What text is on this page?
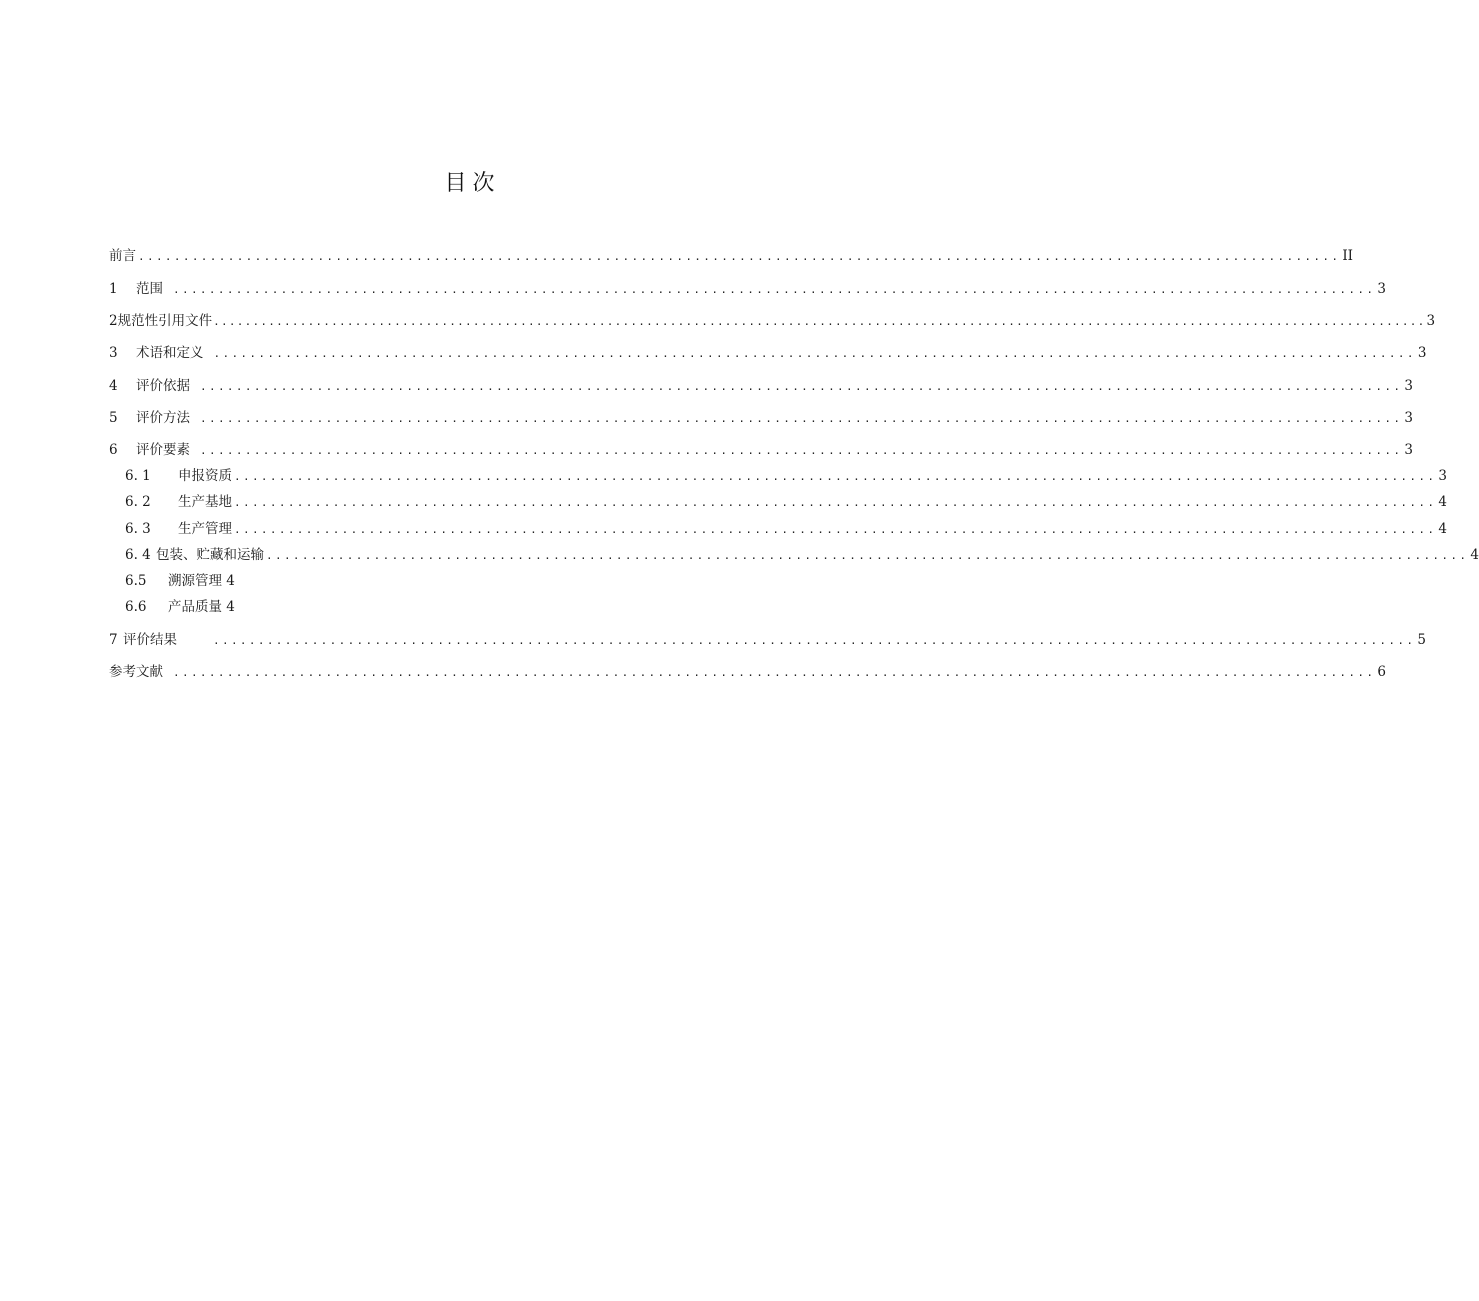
目次
前言 ...................................................................................................................................... II
1	范围 ...................................................................................................................................... 3
2规范性引用文件 .......................................................................................................................................................... 3
3	术语和定义 ...................................................................................................................................... 3
4	评价依据 ...................................................................................................................................... 3
5	评价方法 ...................................................................................................................................... 3
6	评价要素 ...................................................................................................................................... 3
6. 1	申报资质 ...................................................................................................................................... 3
6. 2	生产基地 ...................................................................................................................................... 4
6. 3	生产管理 ...................................................................................................................................... 4
6. 4 包装、贮藏和运输 ...................................................................................................................................... 4
6.5	溯源管理 4
6.6	产品质量 4
7 评价结果	...................................................................................................................................... 5
参考文献 ...................................................................................................................................... 6
